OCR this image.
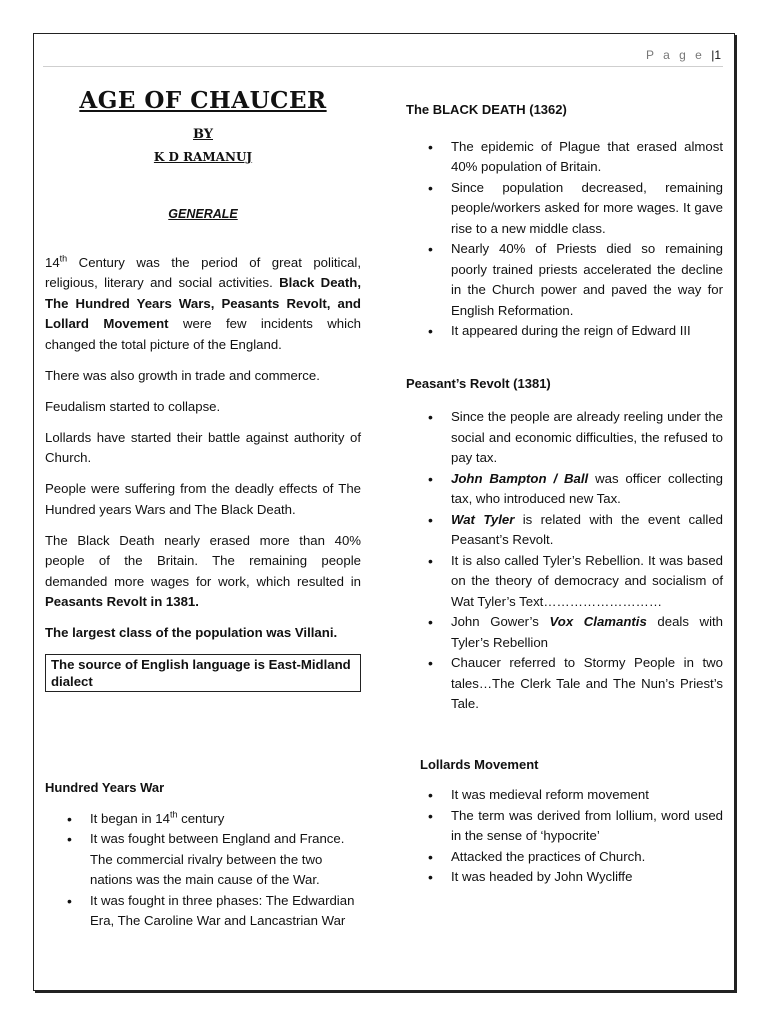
P a g e |1
AGE OF CHAUCER
BY
K D RAMANUJ
GENERALE

14th Century was the period of great political, religious, literary and social activities. Black Death, The Hundred Years Wars, Peasants Revolt, and Lollard Movement were few incidents which changed the total picture of the England.

There was also growth in trade and commerce.

Feudalism started to collapse.

Lollards have started their battle against authority of Church.

People were suffering from the deadly effects of The Hundred years Wars and The Black Death.

The Black Death nearly erased more than 40% people of the Britain. The remaining people demanded more wages for work, which resulted in Peasants Revolt in 1381.

The largest class of the population was Villani.

The source of English language is East-Midland dialect
Hundred Years War
• It began in 14th century
• It was fought between England and France. The commercial rivalry between the two nations was the main cause of the War.
• It was fought in three phases: The Edwardian Era, The Caroline War and Lancastrian War
The BLACK DEATH (1362)
• The epidemic of Plague that erased almost 40% population of Britain.
• Since population decreased, remaining people/workers asked for more wages. It gave rise to a new middle class.
• Nearly 40% of Priests died so remaining poorly trained priests accelerated the decline in the Church power and paved the way for English Reformation.
• It appeared during the reign of Edward III
Peasant’s Revolt (1381)
• Since the people are already reeling under the social and economic difficulties, the refused to pay tax.
• John Bampton / Ball was officer collecting tax, who introduced new Tax.
• Wat Tyler is related with the event called Peasant’s Revolt.
• It is also called Tyler’s Rebellion. It was based on the theory of democracy and socialism of Wat Tyler’s Text………………………
• John Gower’s Vox Clamantis deals with Tyler’s Rebellion
• Chaucer referred to Stormy People in two tales…The Clerk Tale and The Nun’s Priest’s Tale.
Lollards Movement
• It was medieval reform movement
• The term was derived from lollium, word used in the sense of ‘hypocrite’
• Attacked the practices of Church.
• It was headed by John Wycliffe
